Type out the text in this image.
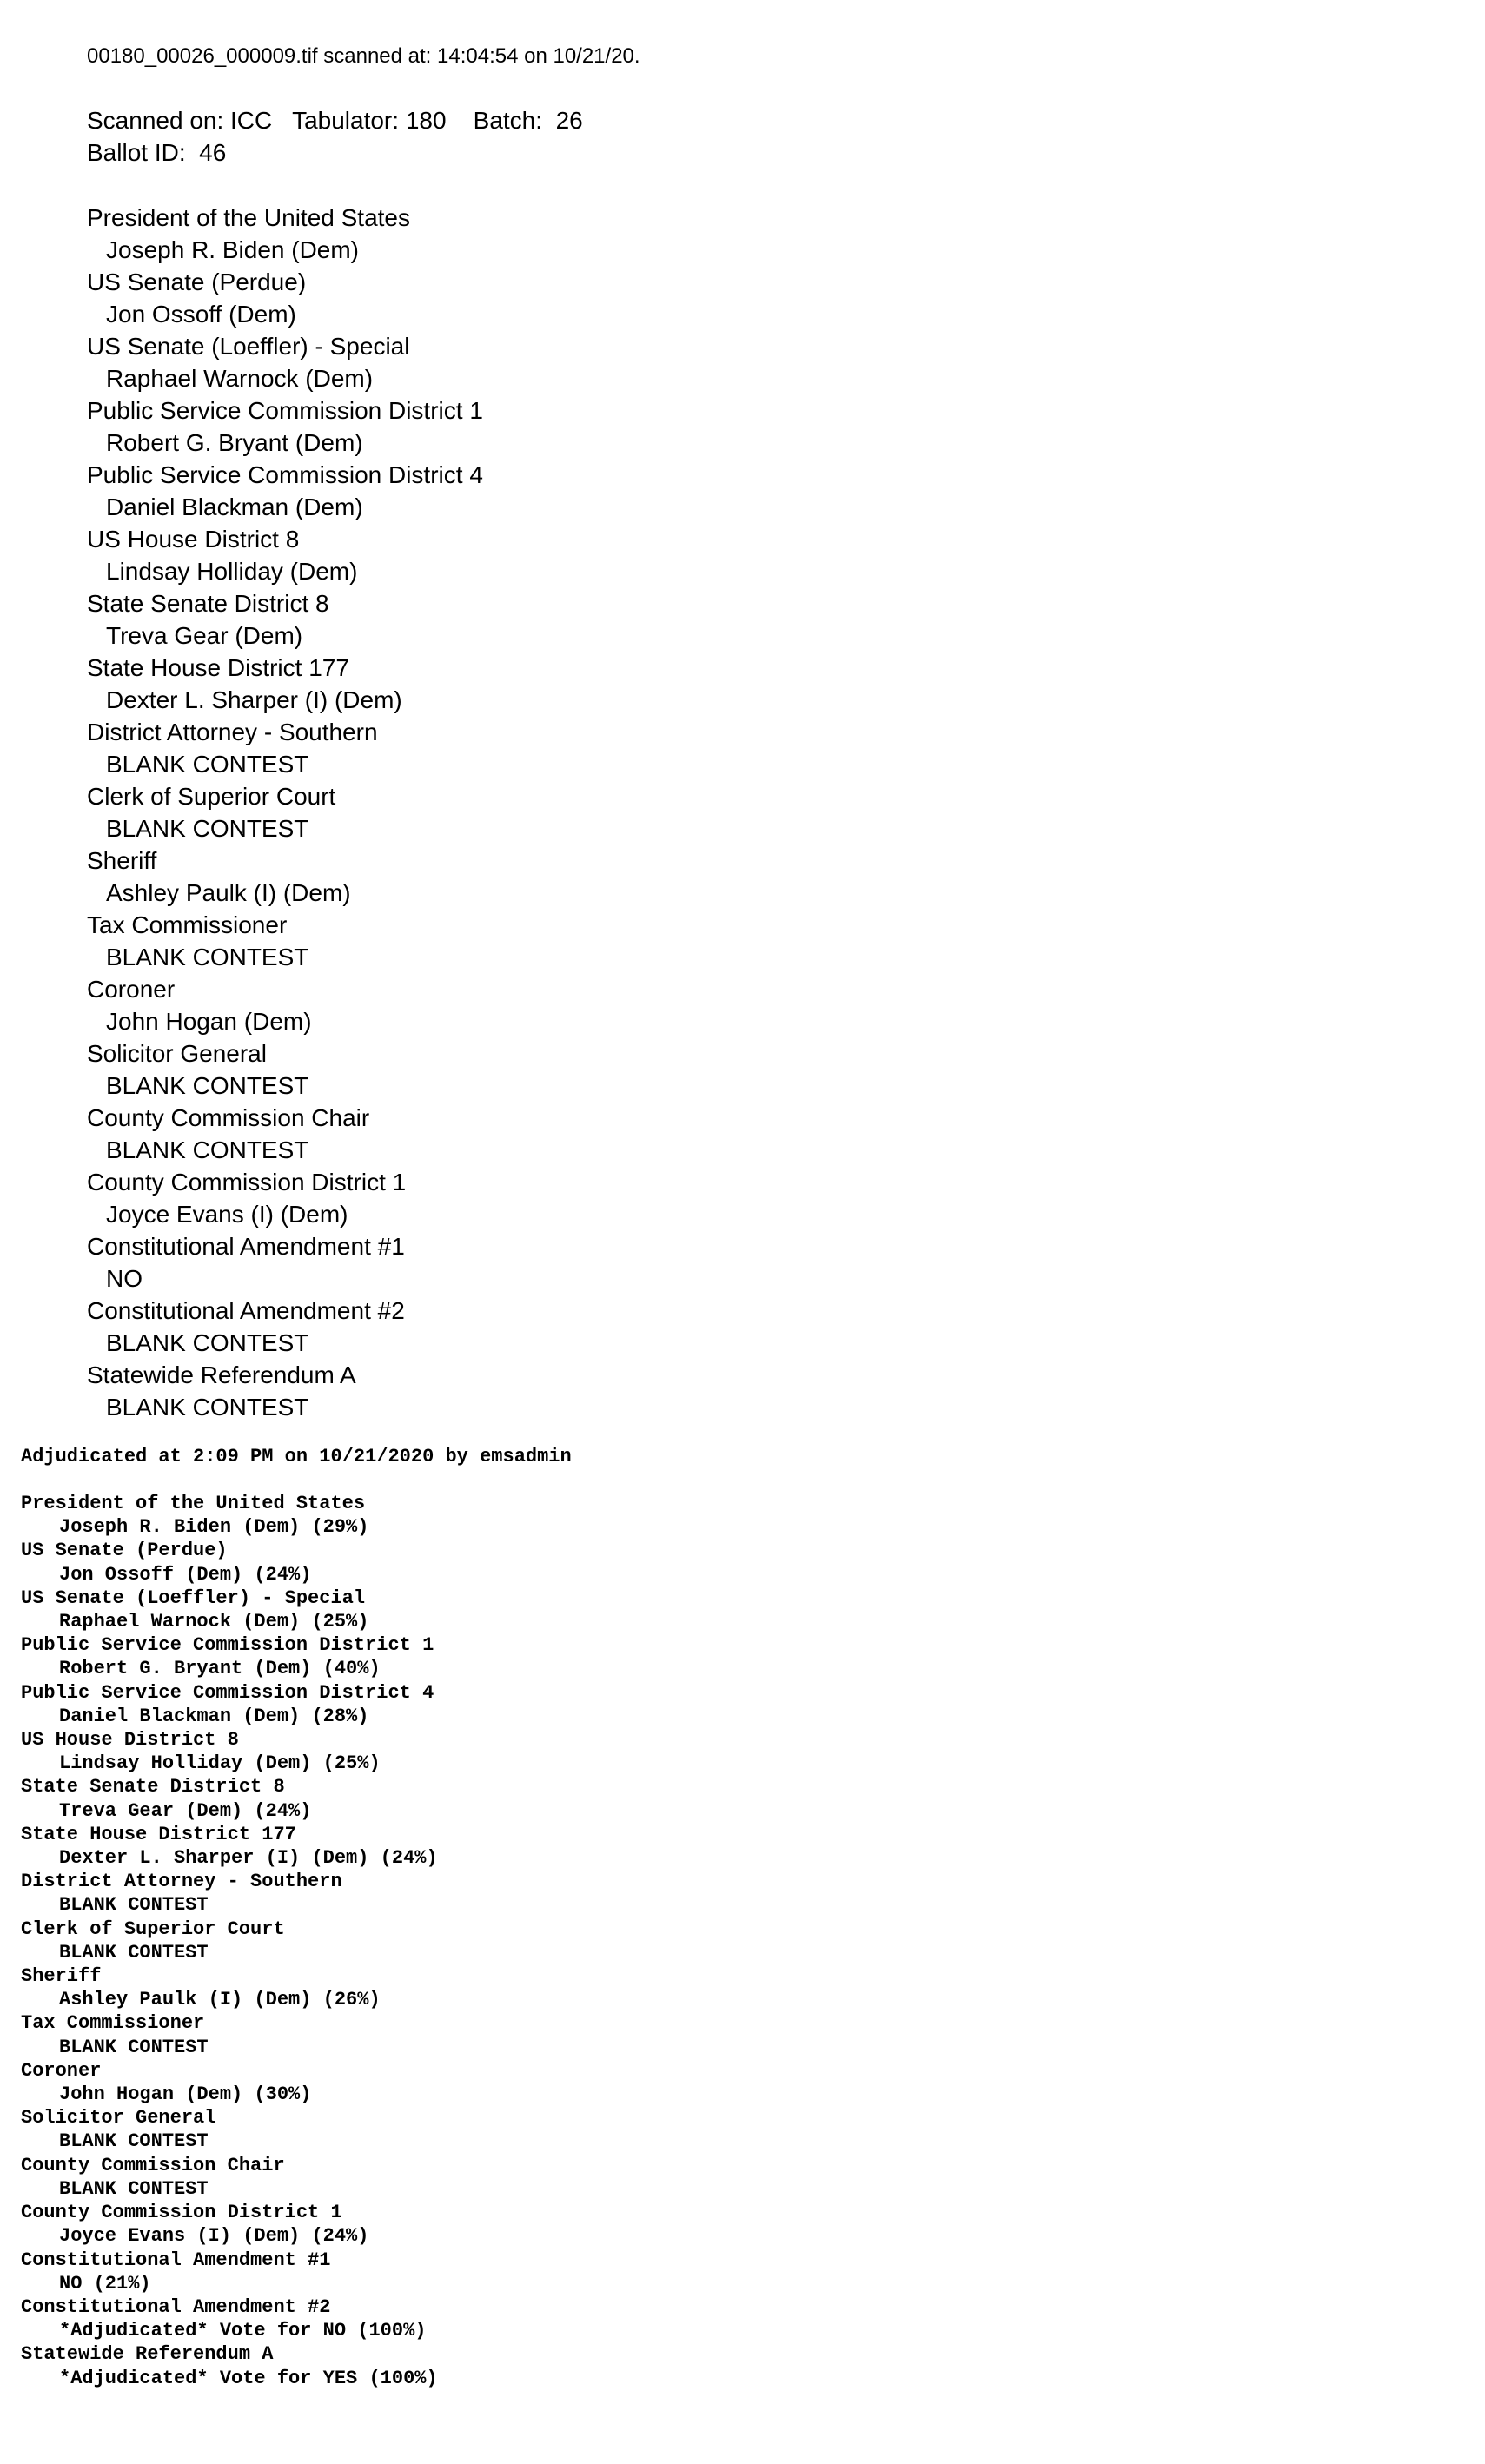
00180_00026_000009.tif scanned at: 14:04:54 on 10/21/20.
Scanned on: ICC   Tabulator: 180    Batch:  26
Ballot ID:  46
President of the United States
Joseph R. Biden (Dem)
US Senate (Perdue)
Jon Ossoff (Dem)
US Senate (Loeffler) - Special
Raphael Warnock (Dem)
Public Service Commission District 1
Robert G. Bryant (Dem)
Public Service Commission District 4
Daniel Blackman (Dem)
US House District 8
Lindsay Holliday (Dem)
State Senate District 8
Treva Gear (Dem)
State House District 177
Dexter L. Sharper (I) (Dem)
District Attorney - Southern
BLANK CONTEST
Clerk of Superior Court
BLANK CONTEST
Sheriff
Ashley Paulk (I) (Dem)
Tax Commissioner
BLANK CONTEST
Coroner
John Hogan (Dem)
Solicitor General
BLANK CONTEST
County Commission Chair
BLANK CONTEST
County Commission District 1
Joyce Evans (I) (Dem)
Constitutional Amendment #1
NO
Constitutional Amendment #2
BLANK CONTEST
Statewide Referendum A
BLANK CONTEST
Adjudicated at 2:09 PM on 10/21/2020 by emsadmin
President of the United States
Joseph R. Biden (Dem) (29%)
US Senate (Perdue)
Jon Ossoff (Dem) (24%)
US Senate (Loeffler) - Special
Raphael Warnock (Dem) (25%)
Public Service Commission District 1
Robert G. Bryant (Dem) (40%)
Public Service Commission District 4
Daniel Blackman (Dem) (28%)
US House District 8
Lindsay Holliday (Dem) (25%)
State Senate District 8
Treva Gear (Dem) (24%)
State House District 177
Dexter L. Sharper (I) (Dem) (24%)
District Attorney - Southern
BLANK CONTEST
Clerk of Superior Court
BLANK CONTEST
Sheriff
Ashley Paulk (I) (Dem) (26%)
Tax Commissioner
BLANK CONTEST
Coroner
John Hogan (Dem) (30%)
Solicitor General
BLANK CONTEST
County Commission Chair
BLANK CONTEST
County Commission District 1
Joyce Evans (I) (Dem) (24%)
Constitutional Amendment #1
NO (21%)
Constitutional Amendment #2
*Adjudicated* Vote for NO (100%)
Statewide Referendum A
*Adjudicated* Vote for YES (100%)
